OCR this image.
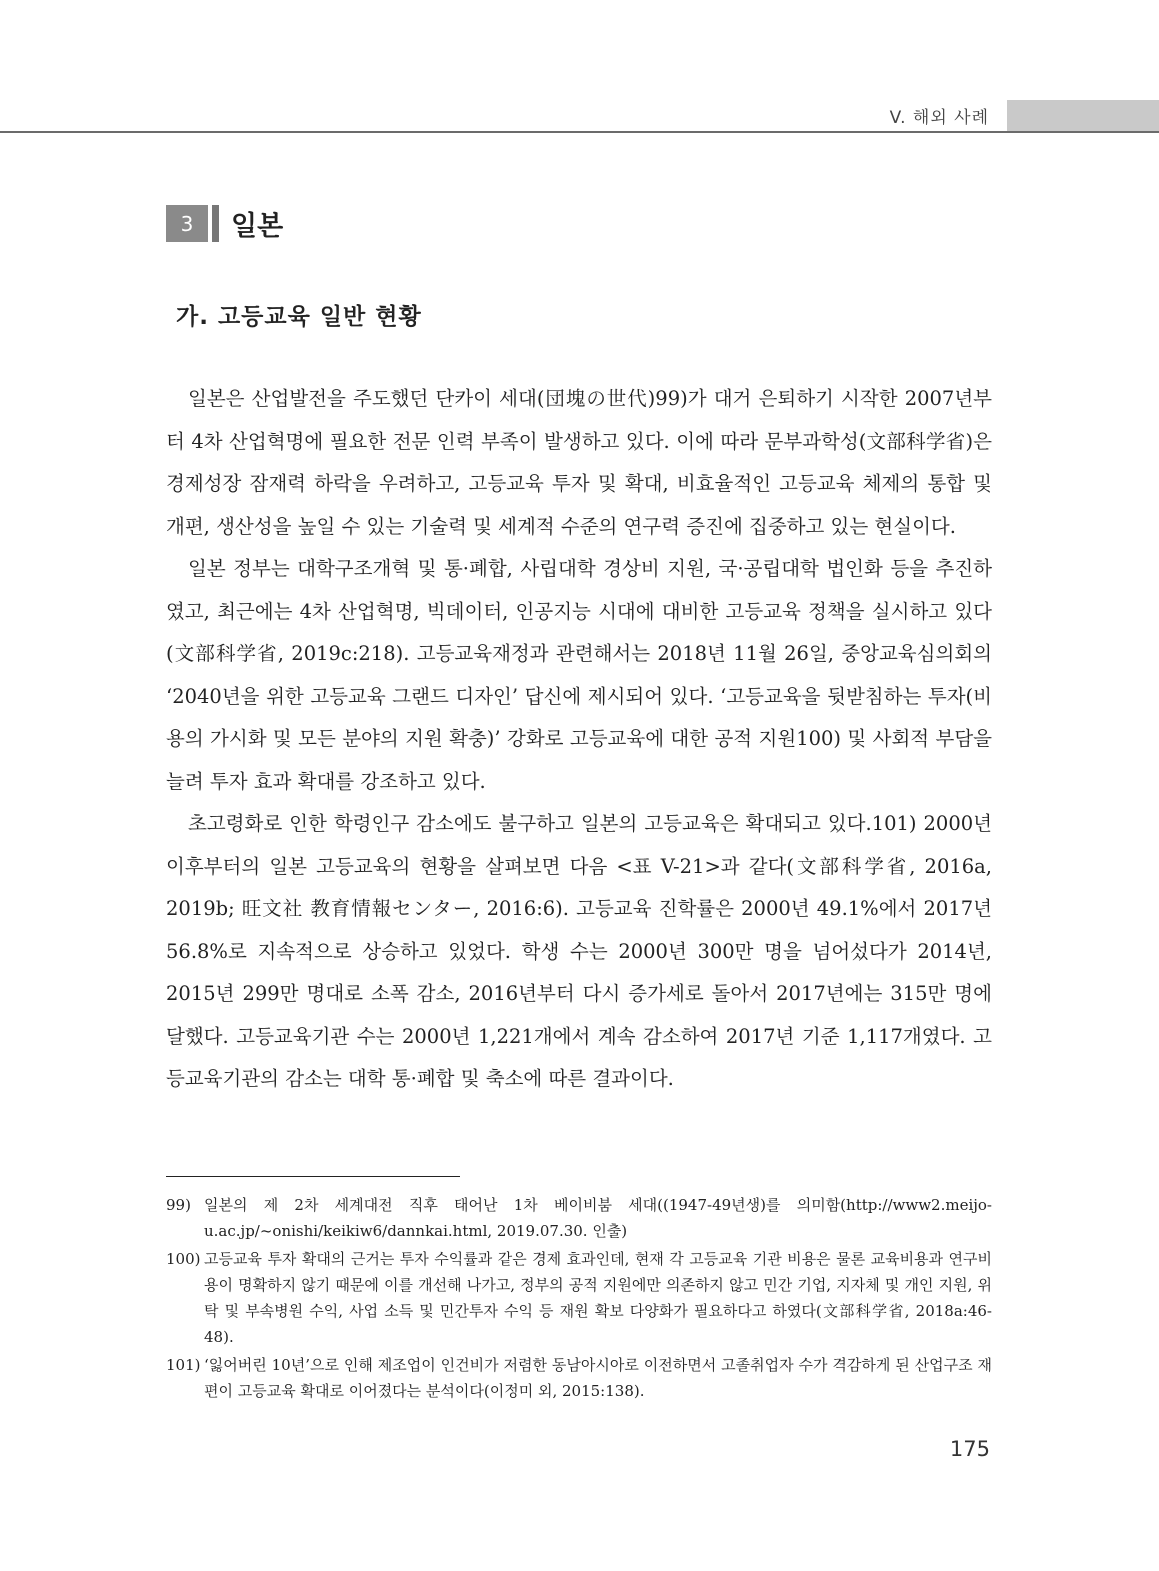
V. 해외 사례
3	일본
가. 고등교육 일반 현황

일본은 산업발전을 주도했던 단카이 세대(団塊の世代)99)가 대거 은퇴하기 시작한 2007년부터 4차 산업혁명에 필요한 전문 인력 부족이 발생하고 있다. 이에 따라 문부과학성(文部科学省)은 경제성장 잠재력 하락을 우려하고, 고등교육 투자 및 확대, 비효율적인 고등교육 체제의 통합 및 개편, 생산성을 높일 수 있는 기술력 및 세계적 수준의 연구력 증진에 집중하고 있는 현실이다.

일본 정부는 대학구조개혁 및 통·폐합, 사립대학 경상비 지원, 국·공립대학 법인화 등을 추진하였고, 최근에는 4차 산업혁명, 빅데이터, 인공지능 시대에 대비한 고등교육 정책을 실시하고 있다(文部科学省, 2019c:218). 고등교육재정과 관련해서는 2018년 11월 26일, 중앙교육심의회의 ‘2040년을 위한 고등교육 그랜드 디자인’ 답신에 제시되어 있다. ‘고등교육을 뒷받침하는 투자(비용의 가시화 및 모든 분야의 지원 확충)’ 강화로 고등교육에 대한 공적 지원100) 및 사회적 부담을 늘려 투자 효과 확대를 강조하고 있다.

초고령화로 인한 학령인구 감소에도 불구하고 일본의 고등교육은 확대되고 있다.101) 2000년 이후부터의 일본 고등교육의 현황을 살펴보면 다음 <표 V-21>과 같다(文部科学省, 2016a, 2019b; 旺文社 教育情報センター, 2016:6). 고등교육 진학률은 2000년 49.1%에서 2017년 56.8%로 지속적으로 상승하고 있었다. 학생 수는 2000년 300만 명을 넘어섰다가 2014년, 2015년 299만 명대로 소폭 감소, 2016년부터 다시 증가세로 돌아서 2017년에는 315만 명에 달했다. 고등교육기관 수는 2000년 1,221개에서 계속 감소하여 2017년 기준 1,117개였다. 고등교육기관의 감소는 대학 통·폐합 및 축소에 따른 결과이다.

99) 일본의 제 2차 세계대전 직후 태어난 1차 베이비붐 세대((1947-49년생)를 의미함(http://www2.meijo-u.ac.jp/~onishi/keikiw6/dannkai.html, 2019.07.30. 인출)
100) 고등교육 투자 확대의 근거는 투자 수익률과 같은 경제 효과인데, 현재 각 고등교육 기관 비용은 물론 교육비용과 연구비용이 명확하지 않기 때문에 이를 개선해 나가고, 정부의 공적 지원에만 의존하지 않고 민간 기업, 지자체 및 개인 지원, 위탁 및 부속병원 수익, 사업 소득 및 민간투자 수익 등 재원 확보 다양화가 필요하다고 하였다(文部科学省, 2018a:46-48).
101) ‘잃어버린 10년’으로 인해 제조업이 인건비가 저렴한 동남아시아로 이전하면서 고졸취업자 수가 격감하게 된 산업구조 재편이 고등교육 확대로 이어졌다는 분석이다(이정미 외, 2015:138).
175
